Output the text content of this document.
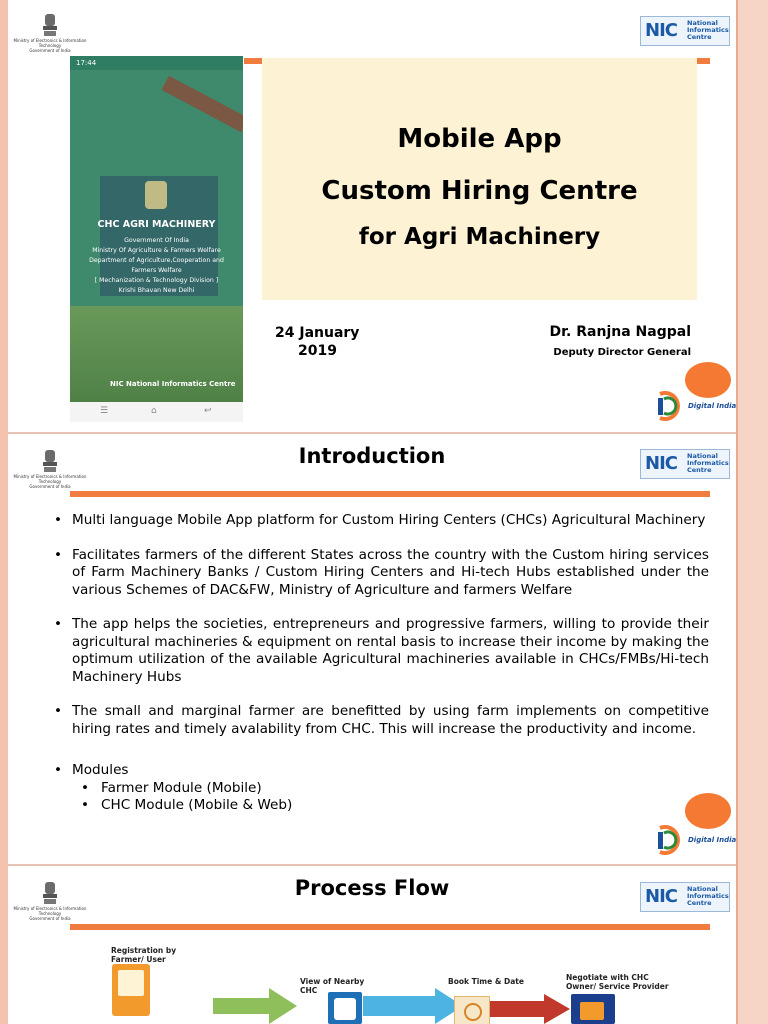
Ministry of Electronics & Information Technology
Government of India
NIC National
Informatics
Centre
17:44
CHC AGRI MACHINERY
Government Of India
Ministry Of Agriculture & Farmers Welfare
Department of Agriculture,Cooperation and
Farmers Welfare
[ Mechanization & Technology Division ]
Krishi Bhavan New Delhi
NIC National Informatics Centre
☰	⌂	↩
Mobile App
Custom Hiring Centre
for Agri Machinery
24 January
2019
Dr. Ranjna Nagpal
Deputy Director General
Digital India
Ministry of Electronics & Information Technology
Government of India
Introduction	NIC National
Informatics
Centre
• Multi language Mobile App platform for Custom Hiring Centers (CHCs) Agricultural Machinery
• Facilitates farmers of the different States across the country with the Custom hiring services of Farm Machinery Banks / Custom Hiring Centers and Hi-tech Hubs established under the various Schemes of DAC&FW, Ministry of Agriculture and farmers Welfare
• The app helps the societies, entrepreneurs and progressive farmers, willing to provide their agricultural machineries & equipment on rental basis to increase their income by making the optimum utilization of the available Agricultural machineries available in CHCs/FMBs/Hi-tech Machinery Hubs
• The small and marginal farmer are benefitted by using farm implements on competitive hiring rates and timely avalability from CHC. This will increase the productivity and income.
• Modules
• Farmer Module (Mobile)
• CHC Module (Mobile & Web)
Digital India
Ministry of Electronics & Information Technology
Government of India
Process Flow	NIC National
Informatics
Centre
Registration by Farmer/ User
View of Nearby CHC
Book Time & Date	Negotiate with CHC Owner/ Service Provider
